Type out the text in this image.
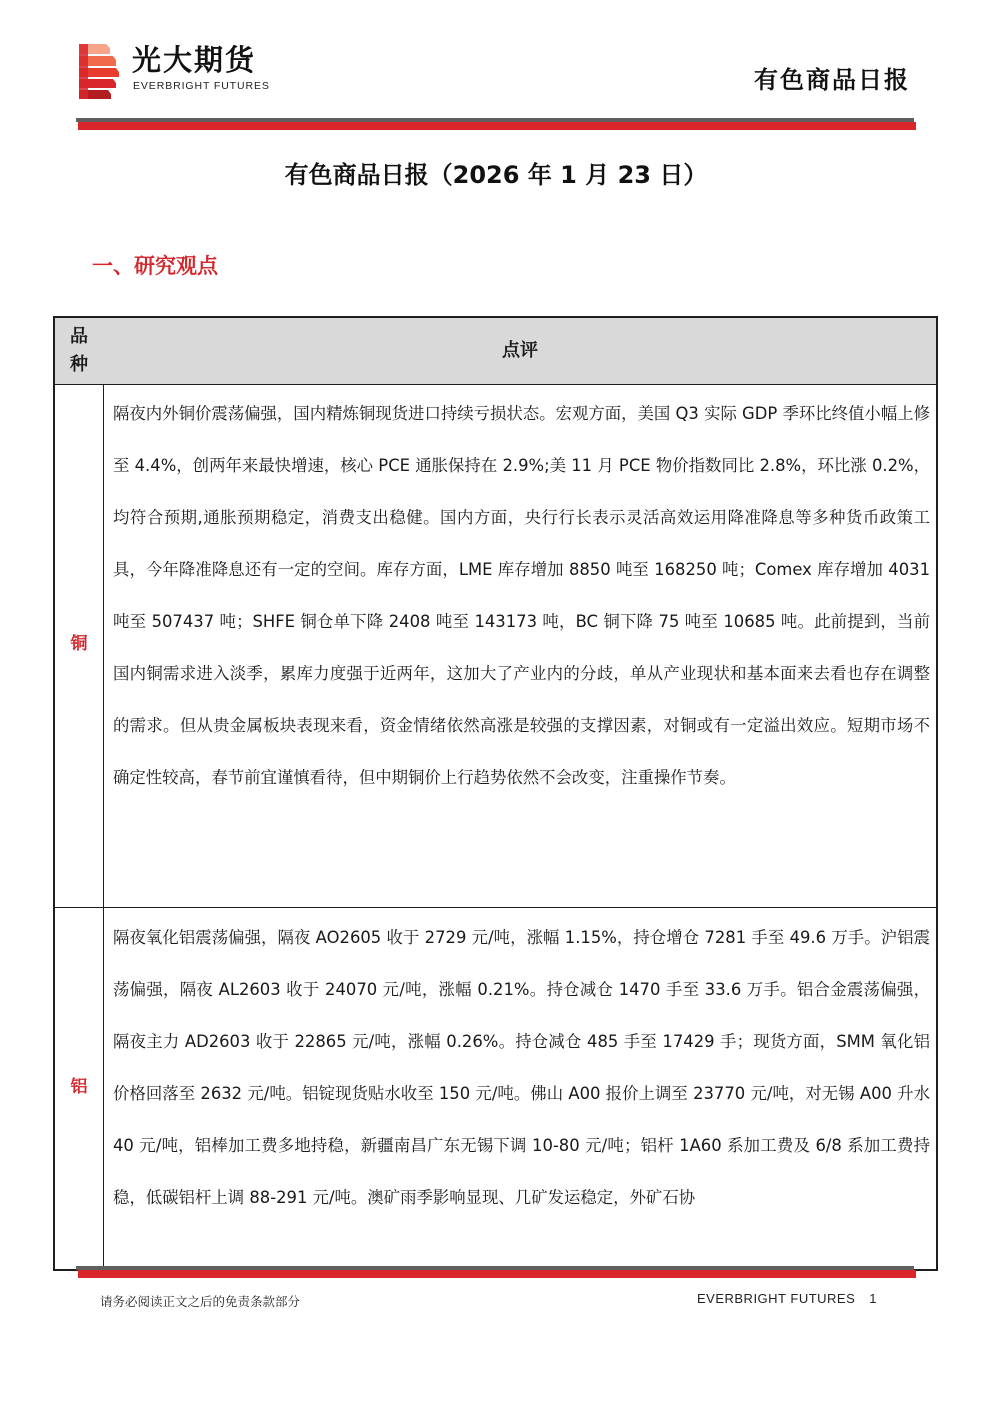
光大期货
EVERBRIGHT FUTURES	有色商品日报
有色商品日报（2026 年 1 月 23 日）
一、研究观点
品种
点评
铜
隔夜内外铜价震荡偏强，国内精炼铜现货进口持续亏损状态。宏观方面，美国 Q3 实际 GDP 季环比终值小幅上修至 4.4%，创两年来最快增速，核心 PCE 通胀保持在 2.9%;美 11 月 PCE 物价指数同比 2.8%，环比涨 0.2%，均符合预期,通胀预期稳定，消费支出稳健。国内方面，央行行长表示灵活高效运用降准降息等多种货币政策工具，今年降准降息还有一定的空间。库存方面，LME 库存增加 8850 吨至 168250 吨；Comex 库存增加 4031 吨至 507437 吨；SHFE 铜仓单下降 2408 吨至 143173 吨，BC 铜下降 75 吨至 10685 吨。此前提到，当前国内铜需求进入淡季，累库力度强于近两年，这加大了产业内的分歧，单从产业现状和基本面来去看也存在调整的需求。但从贵金属板块表现来看，资金情绪依然高涨是较强的支撑因素，对铜或有一定溢出效应。短期市场不确定性较高，春节前宜谨慎看待，但中期铜价上行趋势依然不会改变，注重操作节奏。
铝
隔夜氧化铝震荡偏强，隔夜 AO2605 收于 2729 元/吨，涨幅 1.15%，持仓增仓 7281 手至 49.6 万手。沪铝震荡偏强，隔夜 AL2603 收于 24070 元/吨，涨幅 0.21%。持仓减仓 1470 手至 33.6 万手。铝合金震荡偏强，隔夜主力 AD2603 收于 22865 元/吨，涨幅 0.26%。持仓减仓 485 手至 17429 手；现货方面，SMM 氧化铝价格回落至 2632 元/吨。铝锭现货贴水收至 150 元/吨。佛山 A00 报价上调至 23770 元/吨，对无锡 A00 升水 40 元/吨，铝棒加工费多地持稳，新疆南昌广东无锡下调 10-80 元/吨；铝杆 1A60 系加工费及 6/8 系加工费持稳，低碳铝杆上调 88-291 元/吨。澳矿雨季影响显现、几矿发运稳定，外矿石协
请务必阅读正文之后的免责条款部分	EVERBRIGHT FUTURES 1
